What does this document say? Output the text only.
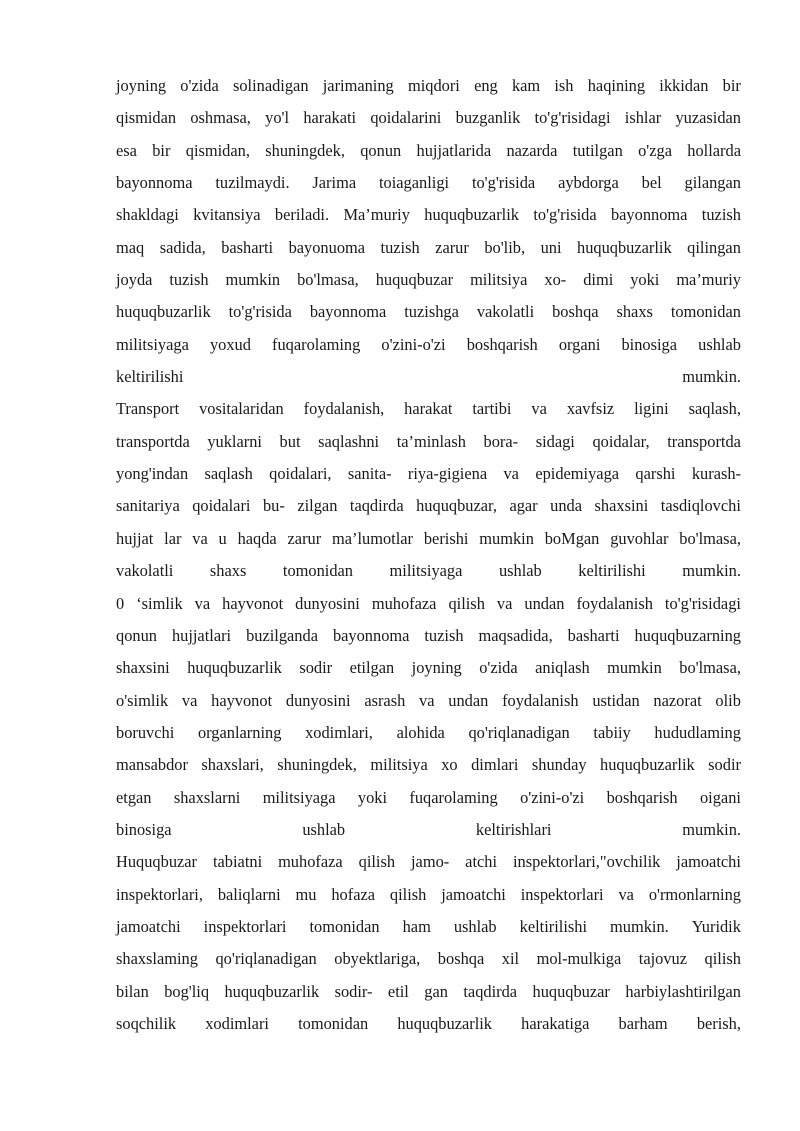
joyning o'zida solinadigan jarimaning miqdori eng kam ish haqining ikkidan bir
qismidan oshmasa, yo'l harakati qoidalarini buzganlik to'g'risidagi ishlar yuzasidan
esa bir qismidan, shuningdek, qonun hujjatlarida nazarda tutilgan o'zga hollarda
bayonnoma tuzilmaydi. Jarima toiaganligi to'g'risida aybdorga bel gilangan
shakldagi kvitansiya beriladi. Ma’muriy huquqbuzarlik to'g'risida bayonnoma tuzish
maq sadida, basharti bayonuoma tuzish zarur bo'lib, uni huquqbuzarlik qilingan
joyda tuzish mumkin bo'lmasa, huquqbuzar militsiya xo- dimi yoki ma’muriy
huquqbuzarlik to'g'risida bayonnoma tuzishga vakolatli boshqa shaxs tomonidan
militsiyaga yoxud fuqarolaming o'zini-o'zi boshqarish organi binosiga ushlab
keltirilishi	mumkin.
Transport vositalaridan foydalanish, harakat tartibi va xavfsiz ligini saqlash,
transportda yuklarni but saqlashni ta’minlash bora- sidagi qoidalar, transportda
yong'indan saqlash qoidalari, sanita- riya-gigiena va epidemiyaga qarshi kurash-
sanitariya qoidalari bu- zilgan taqdirda huquqbuzar, agar unda shaxsini tasdiqlovchi
hujjat lar va u haqda zarur ma’lumotlar berishi mumkin boMgan guvohlar bo'lmasa,
vakolatli shaxs tomonidan militsiyaga ushlab keltirilishi mumkin.
0 ‘simlik va hayvonot dunyosini muhofaza qilish va undan foydalanish to'g'risidagi
qonun hujjatlari buzilganda bayonnoma tuzish maqsadida, basharti huquqbuzarning
shaxsini huquqbuzarlik sodir etilgan joyning o'zida aniqlash mumkin bo'lmasa,
o'simlik va hayvonot dunyosini asrash va undan foydalanish ustidan nazorat olib
boruvchi organlarning xodimlari, alohida qo'riqlanadigan tabiiy hududlaming
mansabdor shaxslari, shuningdek, militsiya xo dimlari shunday huquqbuzarlik sodir
etgan shaxslarni militsiyaga yoki fuqarolaming o'zini-o'zi boshqarish oigani
binosiga	ushlab	keltirishlari	mumkin.
Huquqbuzar tabiatni muhofaza qilish jamo- atchi inspektorlari,"ovchilik jamoatchi
inspektorlari, baliqlarni mu hofaza qilish jamoatchi inspektorlari va o'rmonlarning
jamoatchi inspektorlari tomonidan ham ushlab keltirilishi mumkin. Yuridik
shaxslaming qo'riqlanadigan obyektlariga, boshqa xil mol-mulkiga tajovuz qilish
bilan bog'liq huquqbuzarlik sodir- etil gan taqdirda huquqbuzar harbiylashtirilgan
soqchilik xodimlari tomonidan huquqbuzarlik harakatiga barham berish,
